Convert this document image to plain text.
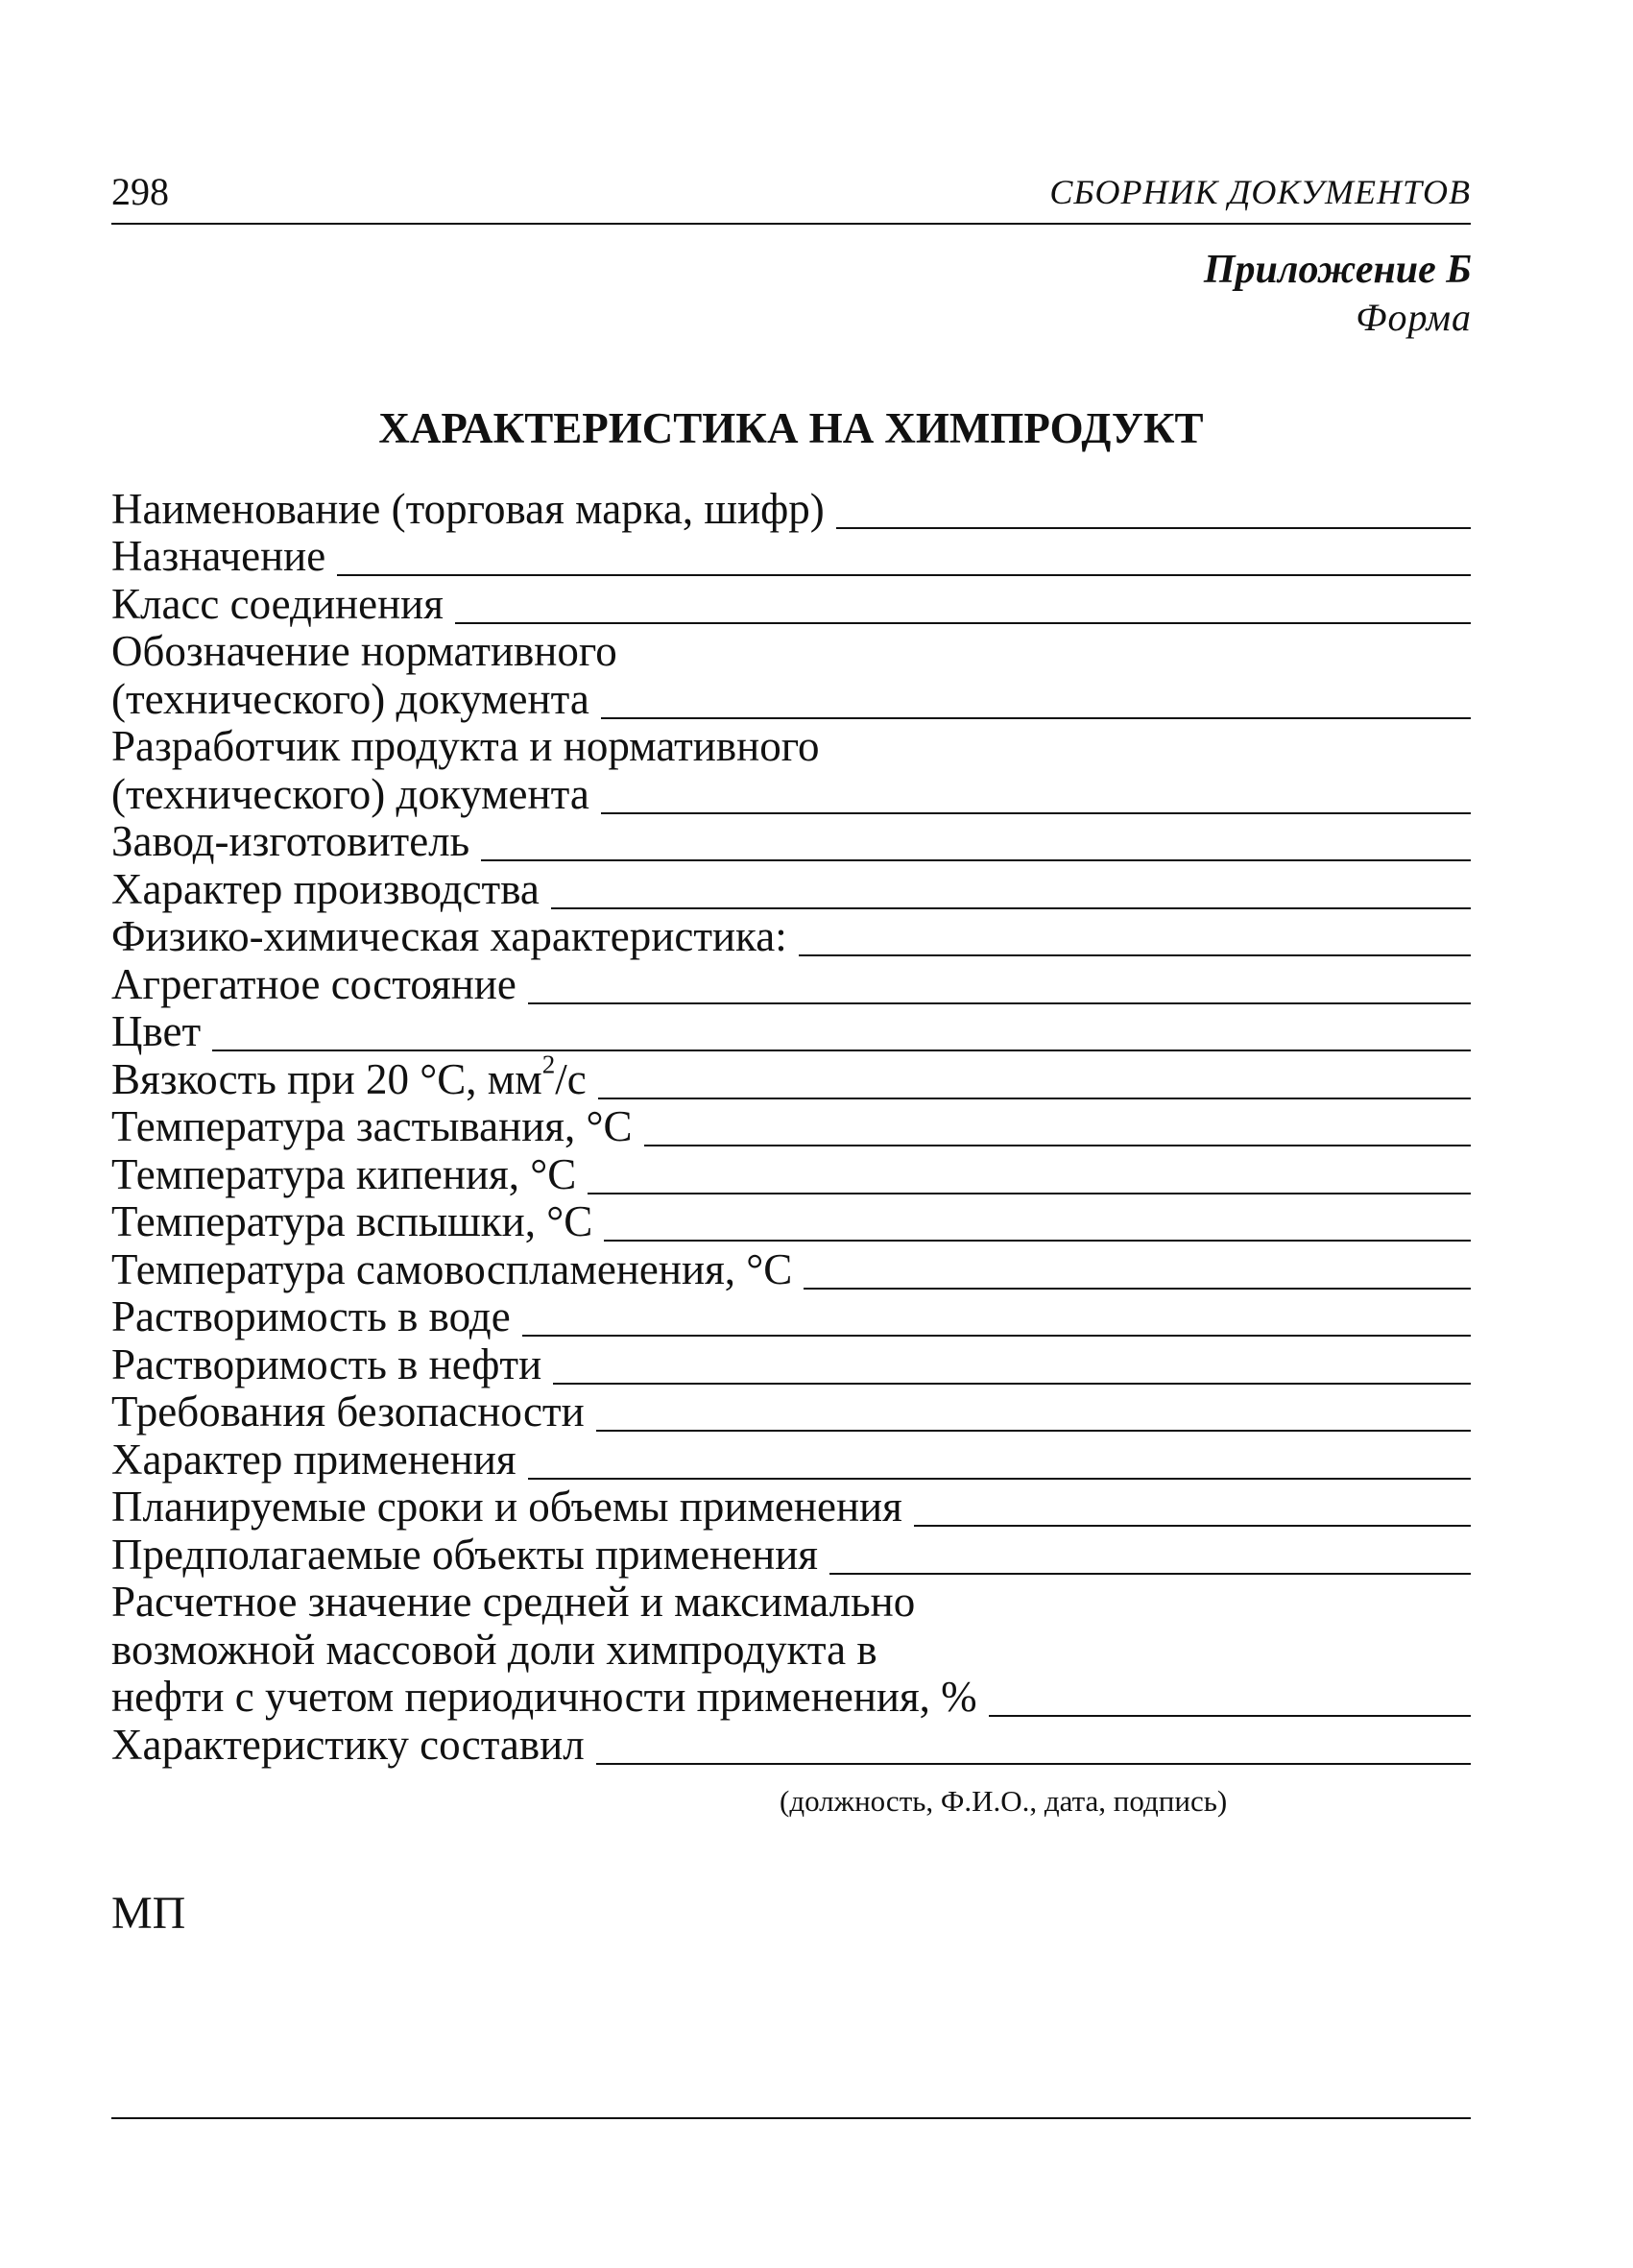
298	СБОРНИК ДОКУМЕНТОВ
Приложение Б
Форма
ХАРАКТЕРИСТИКА НА ХИМПРОДУКТ
Наименование (торговая марка, шифр)
Назначение
Класс соединения
Обозначение нормативного
(технического) документа
Разработчик продукта и нормативного
(технического) документа
Завод-изготовитель
Характер производства
Физико-химическая характеристика:
Агрегатное состояние
Цвет
Вязкость при 20 °С, $мм^2/с$
Температура застывания, °С
Температура кипения, °С
Температура вспышки, °С
Температура самовоспламенения, °С
Растворимость в воде
Растворимость в нефти
Требования безопасности
Характер применения
Планируемые сроки и объемы применения
Предполагаемые объекты применения
Расчетное значение средней и максимально
возможной массовой доли химпродукта в
нефти с учетом периодичности применения, %
Характеристику составил
(должность, Ф.И.О., дата, подпись)
МП
